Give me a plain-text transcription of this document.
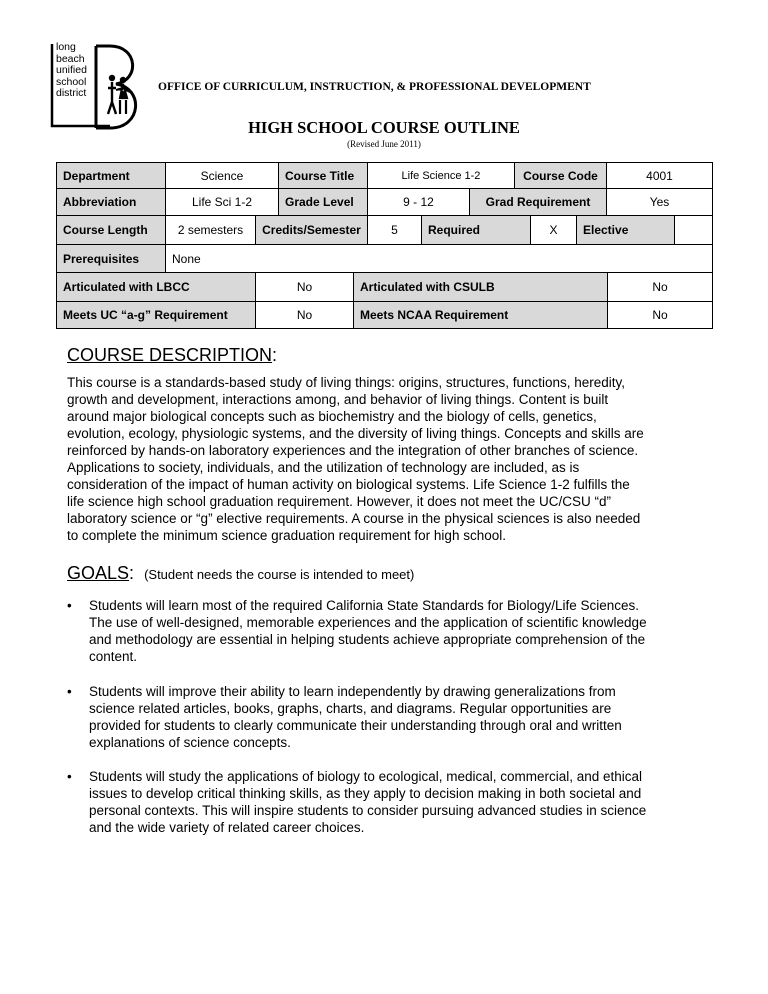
long
beach
unified
school
district	OFFICE OF CURRICULUM, INSTRUCTION, & PROFESSIONAL DEVELOPMENT
HIGH SCHOOL COURSE OUTLINE
(Revised June 2011)
Department	Science	Course Title	Life Science 1-2	Course Code	4001
Abbreviation	Life Sci 1-2	Grade Level	9 - 12	Grad Requirement	Yes
Course Length	2 semesters	Credits/Semester	5	Required	X	Elective
Prerequisites	None
Articulated with LBCC	No	Articulated with CSULB	No
Meets UC “a-g” Requirement	No	Meets NCAA Requirement	No
COURSE DESCRIPTION:
This course is a standards-based study of living things: origins, structures, functions, heredity,
growth and development, interactions among, and behavior of living things. Content is built
around major biological concepts such as biochemistry and the biology of cells, genetics,
evolution, ecology, physiologic systems, and the diversity of living things. Concepts and skills are
reinforced by hands-on laboratory experiences and the integration of other branches of science.
Applications to society, individuals, and the utilization of technology are included, as is
consideration of the impact of human activity on biological systems. Life Science 1-2 fulfills the
life science high school graduation requirement. However, it does not meet the UC/CSU “d”
laboratory science or “g” elective requirements. A course in the physical sciences is also needed
to complete the minimum science graduation requirement for high school.
GOALS: (Student needs the course is intended to meet)
• Students will learn most of the required California State Standards for Biology/Life Sciences.
The use of well-designed, memorable experiences and the application of scientific knowledge
and methodology are essential in helping students achieve appropriate comprehension of the
content.
• Students will improve their ability to learn independently by drawing generalizations from
science related articles, books, graphs, charts, and diagrams. Regular opportunities are
provided for students to clearly communicate their understanding through oral and written
explanations of science concepts.
• Students will study the applications of biology to ecological, medical, commercial, and ethical
issues to develop critical thinking skills, as they apply to decision making in both societal and
personal contexts. This will inspire students to consider pursuing advanced studies in science
and the wide variety of related career choices.
